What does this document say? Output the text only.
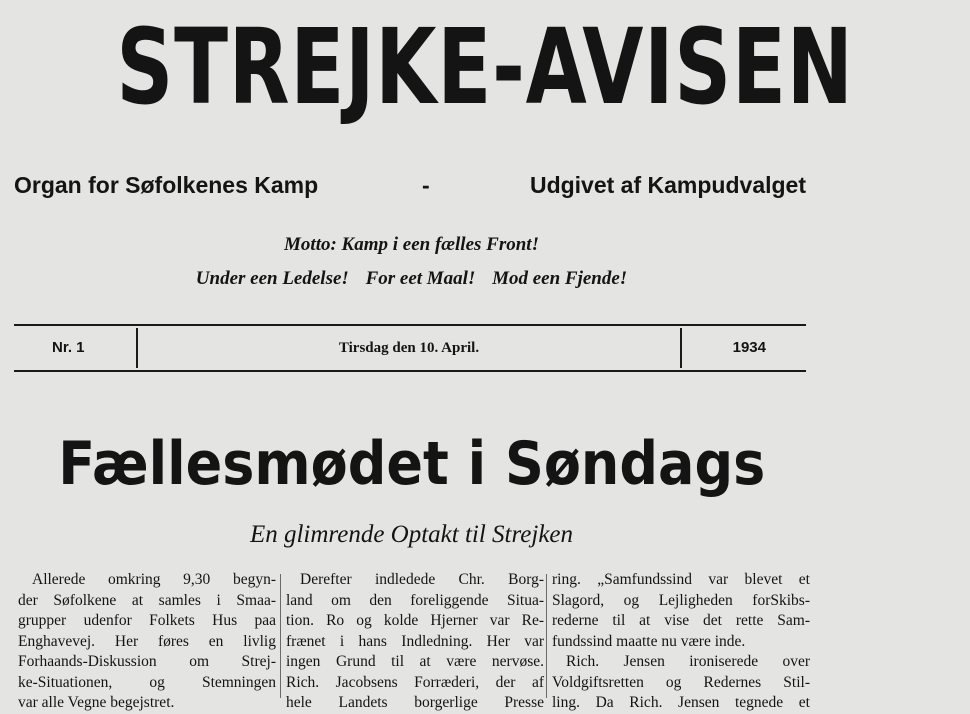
STREJKE-AVISEN
Organ for Søfolkenes Kamp	-	Udgivet af Kampudvalget
Motto: Kamp i een fælles Front!
Under een Ledelse! For eet Maal! Mod een Fjende!
Nr. 1	Tirsdag den 10. April.	1934
Fællesmødet i Søndags
En glimrende Optakt til Strejken
Allerede omkring 9,30 begyn-
der Søfolkene at samles i Smaa-
grupper udenfor Folkets Hus paa
Enghavevej. Her føres en livlig
Forhaands-Diskussion om Strej-
ke-Situationen, og Stemningen
var alle Vegne begejstret.
Derefter indledede Chr. Borg-
land om den foreliggende Situa-
tion. Ro og kolde Hjerner var Re-
frænet i hans Indledning. Her var
ingen Grund til at være nervøse.
Rich. Jacobsens Forræderi, der af
hele Landets borgerlige Presse
ring. „Samfundssind var blevet et
Slagord, og Lejligheden forSkibs-
rederne til at vise det rette Sam-
fundssind maatte nu være inde.
Rich. Jensen ironiserede over
Voldgiftsretten og Redernes Stil-
ling. Da Rich. Jensen tegnede et
